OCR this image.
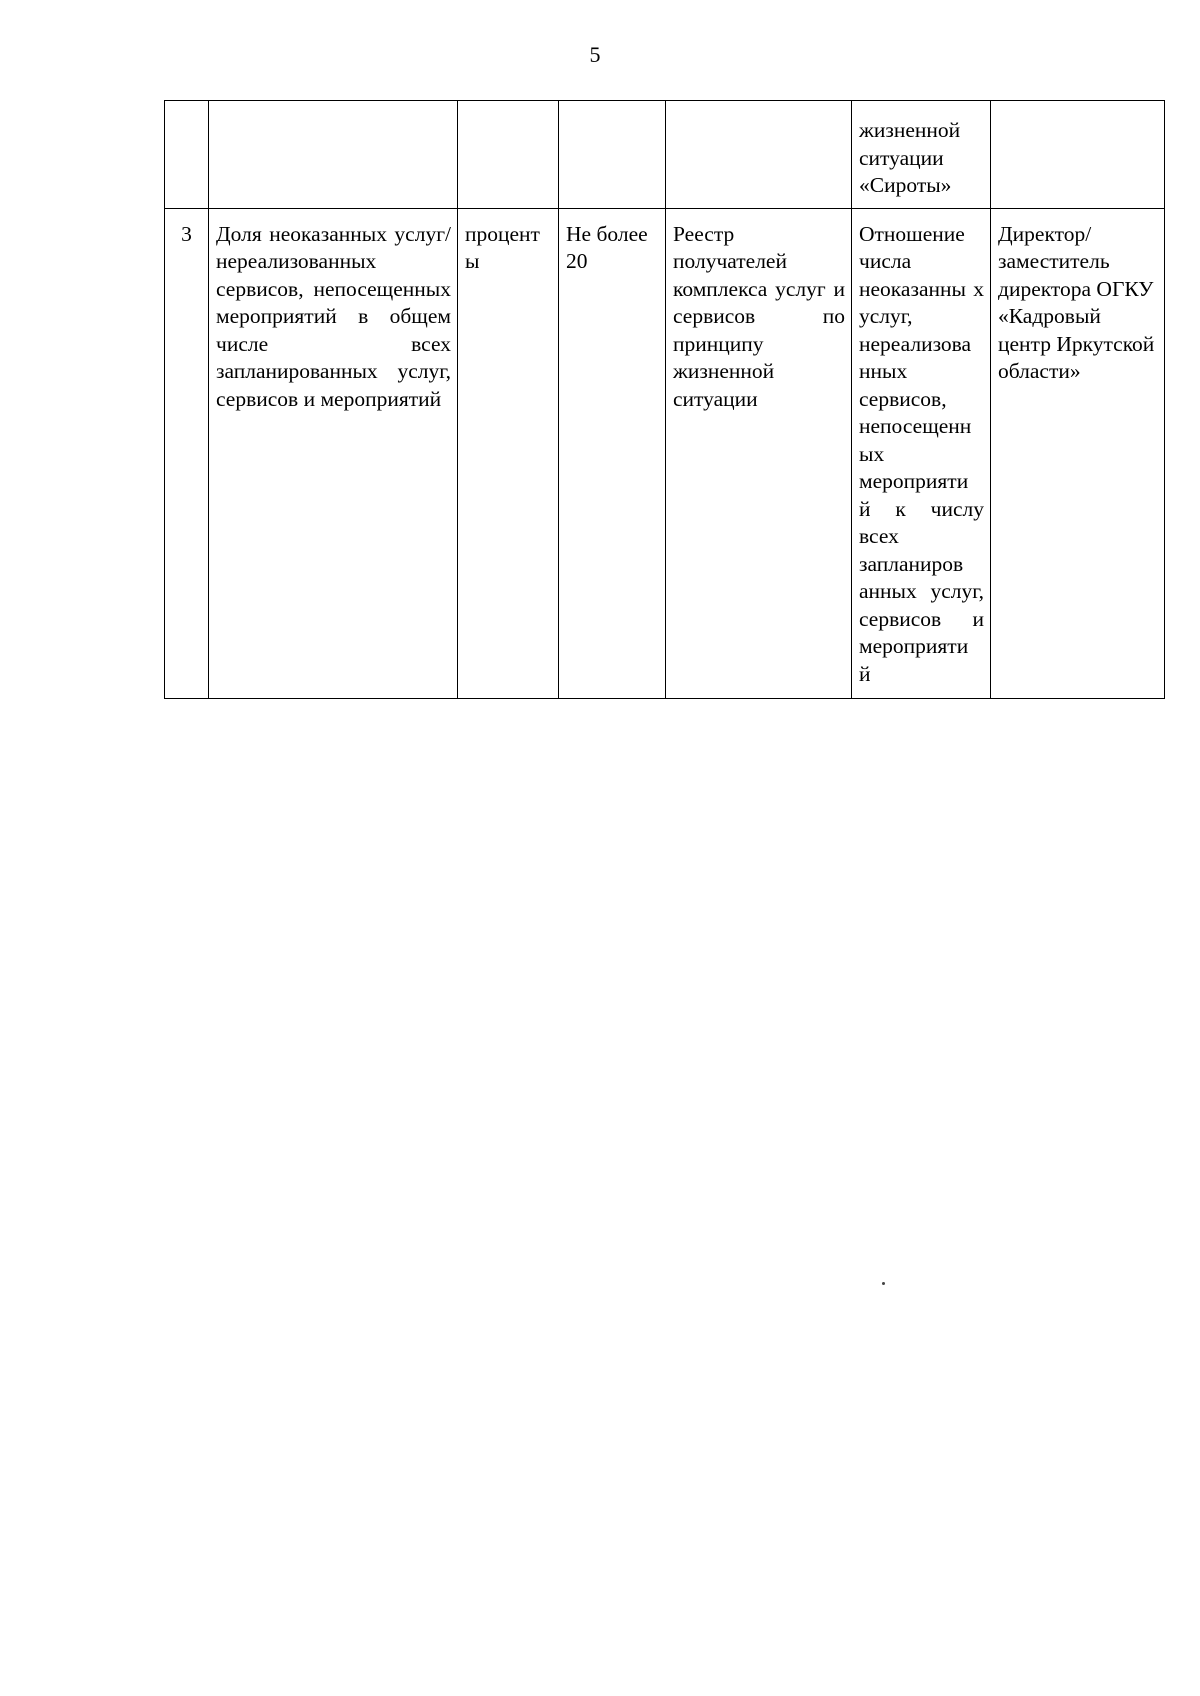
5
					жизненной ситуации «Сироты»	
3	Доля неоказанных услуг/ нереализованных сервисов, непосещенных мероприятий в общем числе всех запланированных услуг, сервисов и мероприятий	процент ы	Не более 20	Реестр получателей комплекса услуг и сервисов по принципу жизненной ситуации	Отношение числа неоказанны х услуг, нереализова нных сервисов, непосещенн ых мероприяти й к числу всех запланиров анных услуг, сервисов и мероприяти й	Директор/ заместитель директора ОГКУ «Кадровый центр Иркутской области»
